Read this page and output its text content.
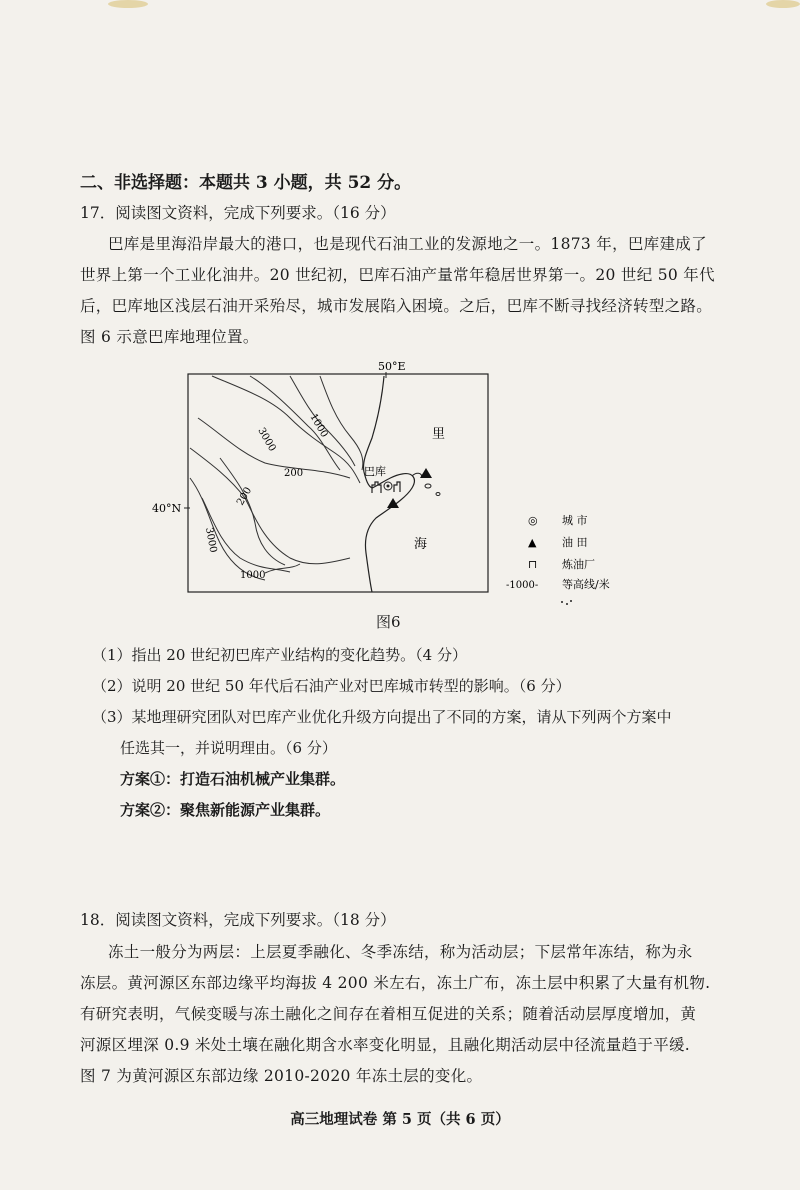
二、非选择题：本题共 3 小题，共 52 分。
17．阅读图文资料，完成下列要求。（16 分）
巴库是里海沿岸最大的港口，也是现代石油工业的发源地之一。1873 年，巴库建成了
世界上第一个工业化油井。20 世纪初，巴库石油产量常年稳居世界第一。20 世纪 50 年代
后，巴库地区浅层石油开采殆尽，城市发展陷入困境。之后，巴库不断寻找经济转型之路。
图 6 示意巴库地理位置。
50°E
40°N
3000
1000
200
200
3000
1000
巴库
里
海
◎ 城 市
▲ 油 田
⊓ 炼油厂
-1000- 等高线/米
图6
（1）指出 20 世纪初巴库产业结构的变化趋势。（4 分）
（2）说明 20 世纪 50 年代后石油产业对巴库城市转型的影响。（6 分）
（3）某地理研究团队对巴库产业优化升级方向提出了不同的方案，请从下列两个方案中
任选其一，并说明理由。（6 分）
方案①：打造石油机械产业集群。
方案②：聚焦新能源产业集群。
18．阅读图文资料，完成下列要求。（18 分）
冻土一般分为两层：上层夏季融化、冬季冻结，称为活动层；下层常年冻结，称为永
冻层。黄河源区东部边缘平均海拔 4 200 米左右，冻土广布，冻土层中积累了大量有机物.
有研究表明，气候变暖与冻土融化之间存在着相互促进的关系；随着活动层厚度增加，黄
河源区埋深 0.9 米处土壤在融化期含水率变化明显，且融化期活动层中径流量趋于平缓.
图 7 为黄河源区东部边缘 2010-2020 年冻土层的变化。
高三地理试卷 第 5 页（共 6 页）
